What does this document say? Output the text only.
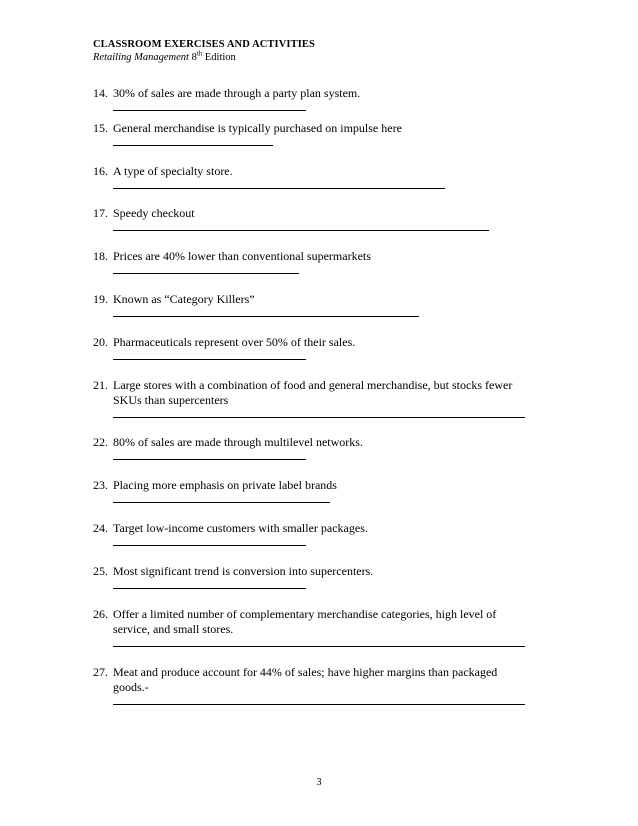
CLASSROOM EXERCISES AND ACTIVITIES
Retailing Management 8th Edition
14. 30% of sales are made through a party plan system.
15. General merchandise is typically purchased on impulse here
16. A type of specialty store.
17. Speedy checkout
18. Prices are 40% lower than conventional supermarkets
19. Known as “Category Killers”
20. Pharmaceuticals represent over 50% of their sales.
21. Large stores with a combination of food and general merchandise, but stocks fewer
SKUs than supercenters
22. 80% of sales are made through multilevel networks.
23. Placing more emphasis on private label brands
24. Target low-income customers with smaller packages.
25. Most significant trend is conversion into supercenters.
26. Offer a limited number of complementary merchandise categories, high level of
service, and small stores.
27. Meat and produce account for 44% of sales; have higher margins than packaged
goods.-
3
